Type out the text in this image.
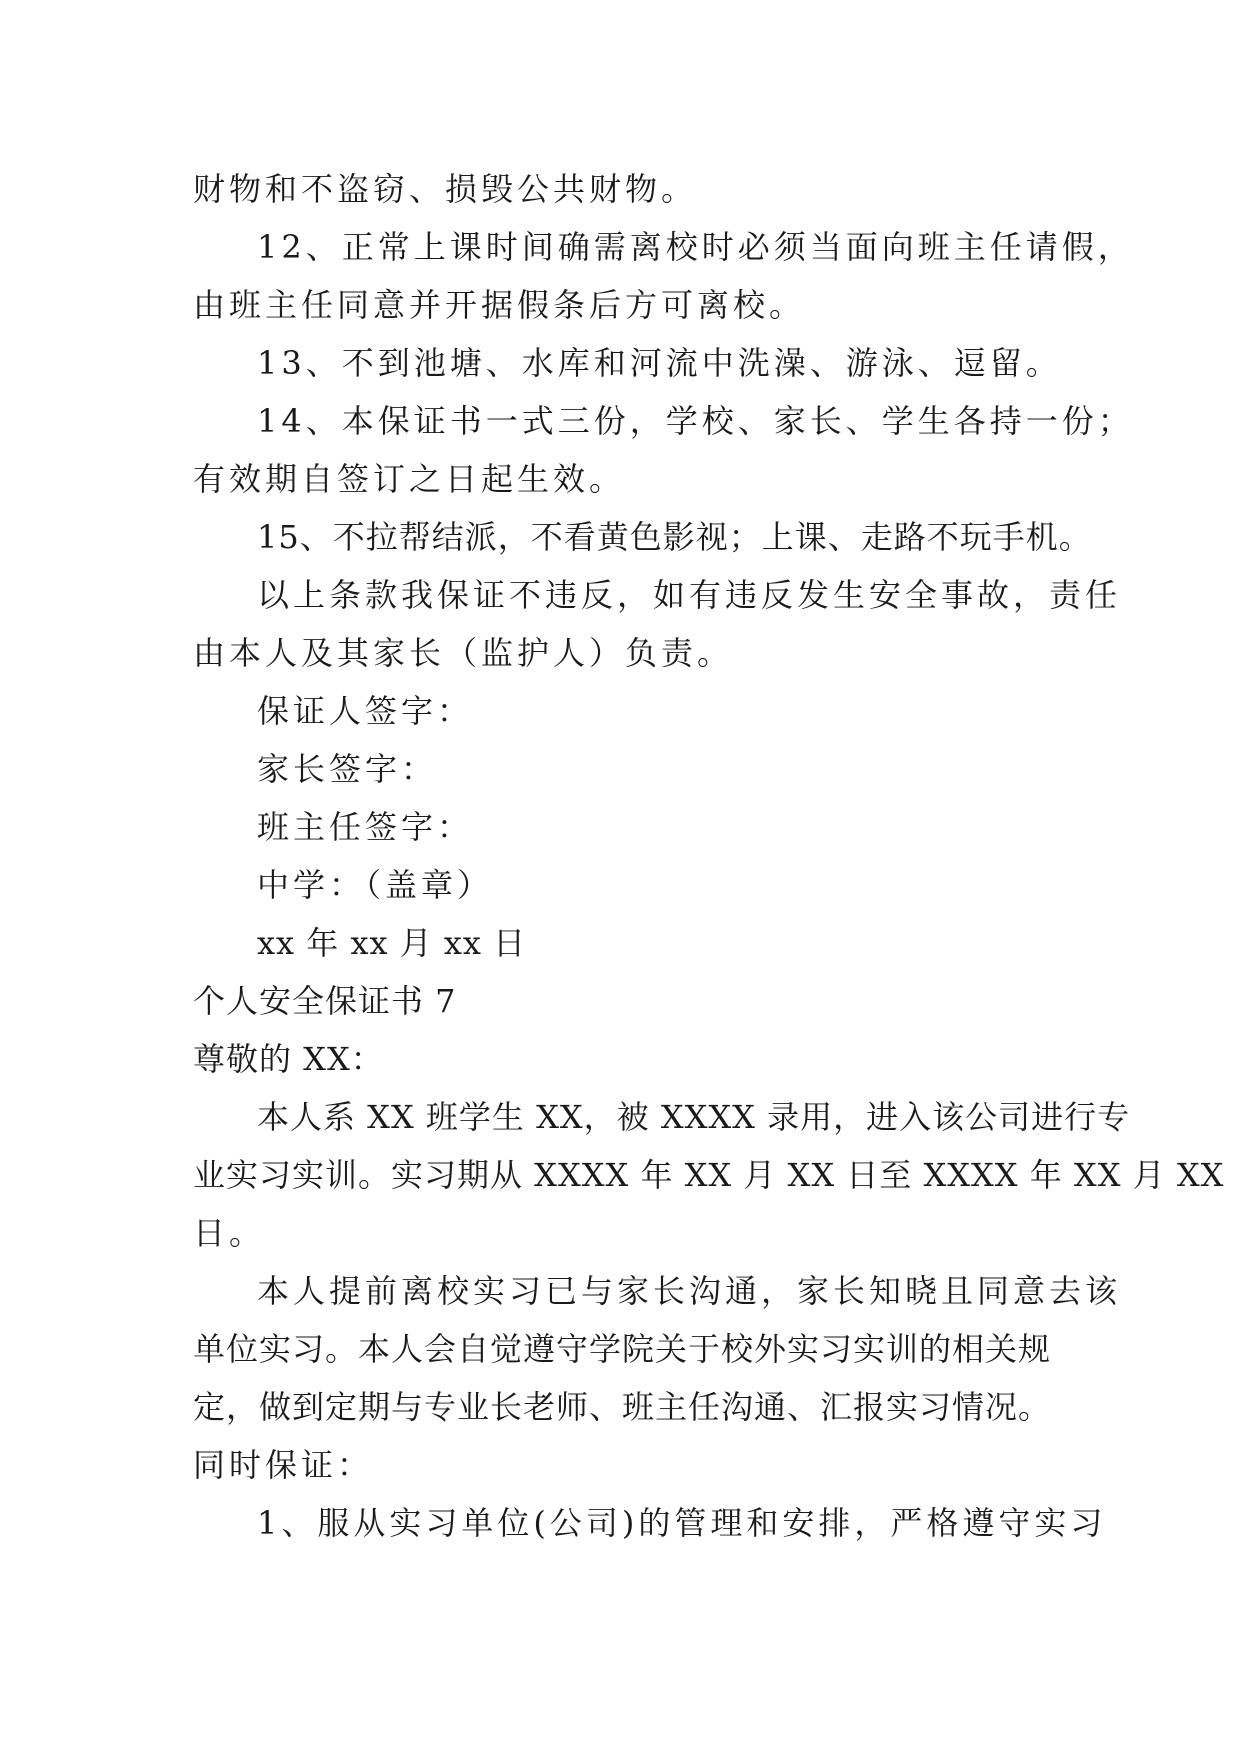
财物和不盗窃、损毁公共财物。
12、正常上课时间确需离校时必须当面向班主任请假，
由班主任同意并开据假条后方可离校。
13、不到池塘、水库和河流中洗澡、游泳、逗留。
14、本保证书一式三份，学校、家长、学生各持一份；
有效期自签订之日起生效。
15、不拉帮结派，不看黄色影视；上课、走路不玩手机。
以上条款我保证不违反，如有违反发生安全事故，责任
由本人及其家长（监护人）负责。
保证人签字：
家长签字：
班主任签字：
中学：（盖章）
xx 年 xx 月 xx 日
个人安全保证书 7
尊敬的 XX：
本人系 XX 班学生 XX，被 XXXX 录用，进入该公司进行专
业实习实训。实习期从 XXXX 年 XX 月 XX 日至 XXXX 年 XX 月 XX
日。
本人提前离校实习已与家长沟通，家长知晓且同意去该
单位实习。本人会自觉遵守学院关于校外实习实训的相关规
定，做到定期与专业长老师、班主任沟通、汇报实习情况。
同时保证：
1、服从实习单位(公司)的管理和安排，严格遵守实习
